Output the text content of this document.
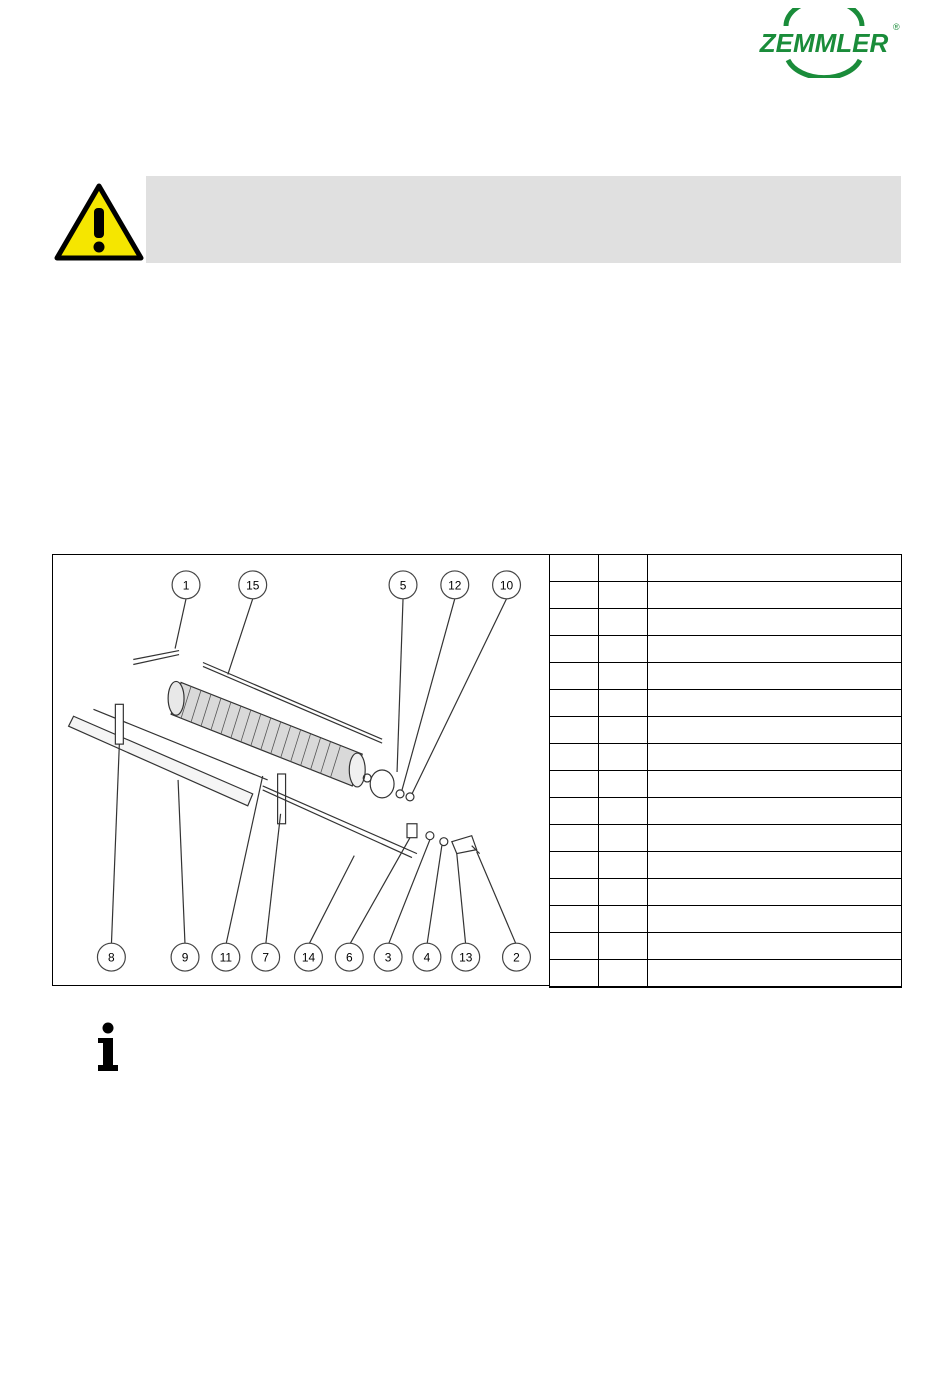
ZEMMLER
®
1	15	5	12	10
8	9	11	7	14	6	3	4 13	2
